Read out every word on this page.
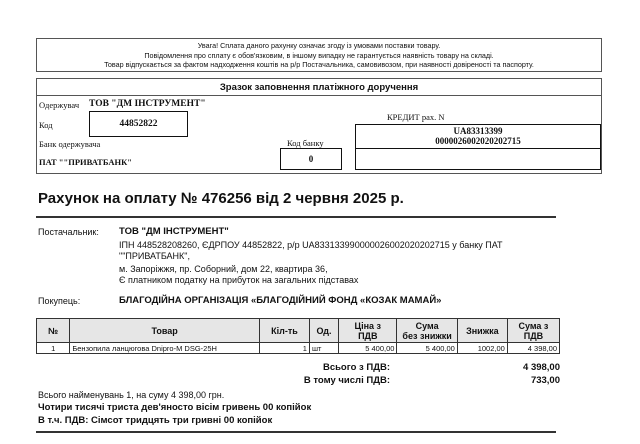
Увага! Сплата даного рахунку означає згоду із умовами поставки товару.
Повідомлення про сплату є обов'язковим, в іншому випадку не гарантується наявність товару на складі.
Товар відпускається за фактом надходження коштів на р/р Постачальника, самовивозом, при наявності довіреності та паспорту.
Зразок заповнення платіжного доручення
Одержувач ТОВ "ДМ ІНСТРУМЕНТ"
Код	44852822
Банк одержувача
ПАТ ""ПРИВАТБАНК"
Код банку
0
КРЕДИТ рах. N
UA83313399
0000026002020202715
Рахунок на оплату № 476256 від 2 червня 2025 р.
Постачальник: ТОВ "ДМ ІНСТРУМЕНТ"
ІПН 448528208260, ЄДРПОУ 44852822, р/р UA833133990000026002020202715 у банку ПАТ
""ПРИВАТБАНК",
м. Запоріжжя, пр. Соборний, дом 22, квартира 36,
Є платником податку на прибуток на загальних підставах
Покупець:	БЛАГОДІЙНА ОРГАНІЗАЦІЯ «БЛАГОДІЙНИЙ ФОНД «КОЗАК МАМАЙ»
№	Товар	Кіл-ть	Од.	Ціна з
ПДВ	Сума
без знижки	Знижка	Сума з
ПДВ
1	Бензопила ланцюгова Dnipro-M DSG-25H	1	шт	5 400,00	5 400,00	1002,00	4 398,00
Всього з ПДВ:	4 398,00
В тому числі ПДВ:	733,00
Всього найменувань 1, на суму 4 398,00 грн.
Чотири тисячі триста дев'яносто вісім гривень 00 копійок
В т.ч. ПДВ: Сімсот тридцять три гривні 00 копійок
